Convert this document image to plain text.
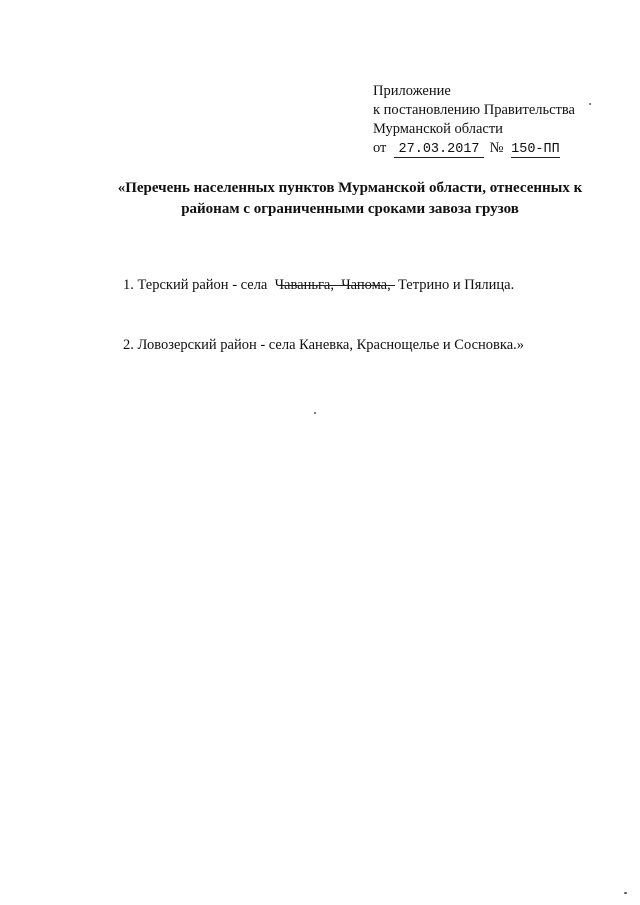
Приложение
к постановлению Правительства
Мурманской области
от 27.03.2017 № 150-ПП
«Перечень населенных пунктов Мурманской области, отнесенных к
районам с ограниченными сроками завоза грузов

1. Терский район - села  Чаваньга,  Чапома,  Тетрино и Пялица.

2. Ловозерский район - села Каневка, Краснощелье и Сосновка.»
